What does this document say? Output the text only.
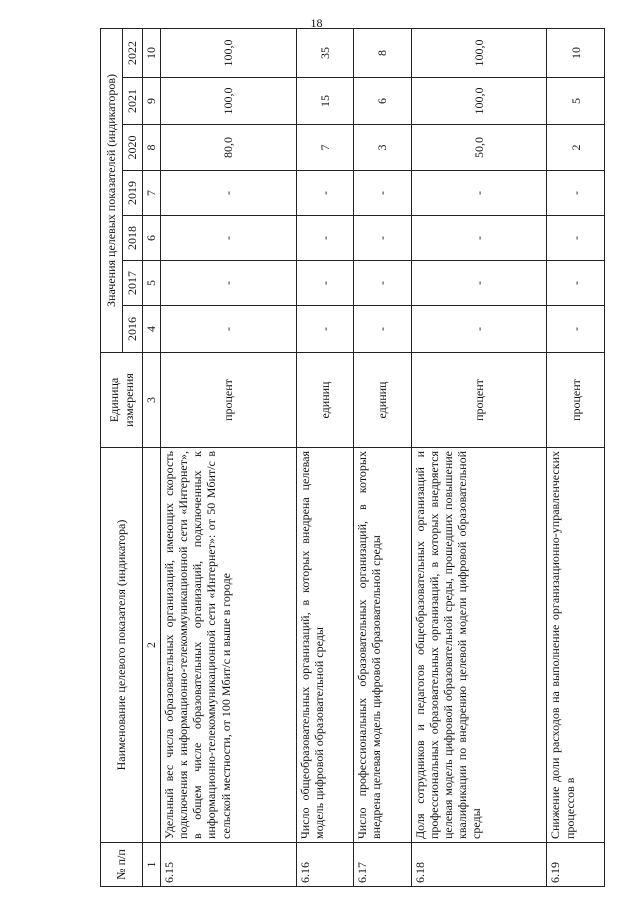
18
№ п/п	Наименование целевого показателя (индикатора)	Единица измерения	Значения целевых показателей (индикаторов)						
			2016	2017	2018	2019	2020	2021	2022
1	2	3	4	5	6	7	8	9	10
6.15	Удельный вес числа образовательных организаций, имеющих скорость подключения к информационно-телекоммуникационной сети «Интернет», в общем числе образовательных организаций, подключенных к информационно-телекоммуникационной сети «Интернет»: от 50 Мбит/с в сельской местности, от 100 Мбит/с и выше в городе	процент	-	-	-	-	80,0	100,0	100,0
6.16	Число общеобразовательных организаций, в которых внедрена целевая модель цифровой образовательной среды	единиц	-	-	-	-	7	15	35
6.17	Число профессиональных образовательных организаций, в которых внедрена целевая модель цифровой образовательной среды	единиц	-	-	-	-	3	6	8
6.18	Доля сотрудников и педагогов общеобразовательных организаций и профессиональных образовательных организаций, в которых внедряется целевая модель цифровой образовательной среды, прошедших повышение квалификации по внедрению целевой модели цифровой образовательной среды	процент	-	-	-	-	50,0	100,0	100,0
6.19	Снижение доли расходов на выполнение организационно-управленческих процессов в	процент	-	-	-	-	2	5	10
